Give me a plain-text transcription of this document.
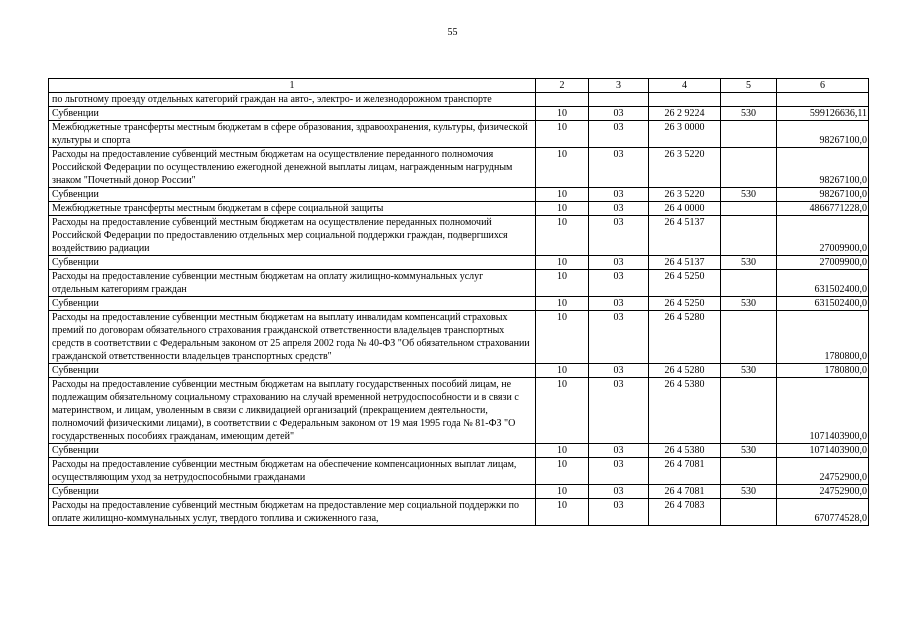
55
1	2	3	4	5	6
по льготному проезду отдельных категорий граждан на авто-, электро- и железнодорожном транспорте					
Субвенции	10	03	26 2 9224	530	599126636,11
Межбюджетные трансферты местным бюджетам в сфере образования, здравоохранения, культуры, физической культуры и спорта	10	03	26 3 0000		98267100,0
Расходы на предоставление субвенций местным бюджетам на осуществление переданного полномочия Российской Федерации по осуществлению ежегодной денежной выплаты лицам, награжденным нагрудным знаком "Почетный донор России"	10	03	26 3 5220		98267100,0
Субвенции	10	03	26 3 5220	530	98267100,0
Межбюджетные трансферты местным бюджетам в сфере социальной защиты	10	03	26 4 0000		4866771228,0
Расходы на предоставление субвенций местным бюджетам на осуществление переданных полномочий Российской Федерации по предоставлению отдельных мер социальной поддержки граждан, подвергшихся воздействию радиации	10	03	26 4 5137		27009900,0
Субвенции	10	03	26 4 5137	530	27009900,0
Расходы на предоставление субвенции местным бюджетам на оплату жилищно-коммунальных услуг отдельным категориям граждан	10	03	26 4 5250		631502400,0
Субвенции	10	03	26 4 5250	530	631502400,0
Расходы на предоставление субвенции местным бюджетам на выплату инвалидам компенсаций страховых премий по договорам обязательного страхования гражданской ответственности владельцев транспортных средств в соответствии с Федеральным законом от 25 апреля 2002 года № 40-ФЗ "Об обязательном страховании гражданской ответственности владельцев транспортных средств"	10	03	26 4 5280		1780800,0
Субвенции	10	03	26 4 5280	530	1780800,0
Расходы на предоставление субвенции местным бюджетам на выплату государственных пособий лицам, не подлежащим обязательному социальному страхованию на случай временной нетрудоспособности и в связи с материнством, и лицам, уволенным в связи с ликвидацией организаций (прекращением деятельности, полномочий физическими лицами), в соответствии с Федеральным законом от 19 мая 1995 года № 81-ФЗ "О государственных пособиях гражданам, имеющим детей"	10	03	26 4 5380		1071403900,0
Субвенции	10	03	26 4 5380	530	1071403900,0
Расходы на предоставление субвенции местным бюджетам на обеспечение компенсационных выплат лицам, осуществляющим уход за нетрудоспособными гражданами	10	03	26 4 7081		24752900,0
Субвенции	10	03	26 4 7081	530	24752900,0
Расходы на предоставление субвенций местным бюджетам на предоставление мер социальной поддержки по оплате жилищно-коммунальных услуг, твердого топлива и сжиженного газа,	10	03	26 4 7083		670774528,0
